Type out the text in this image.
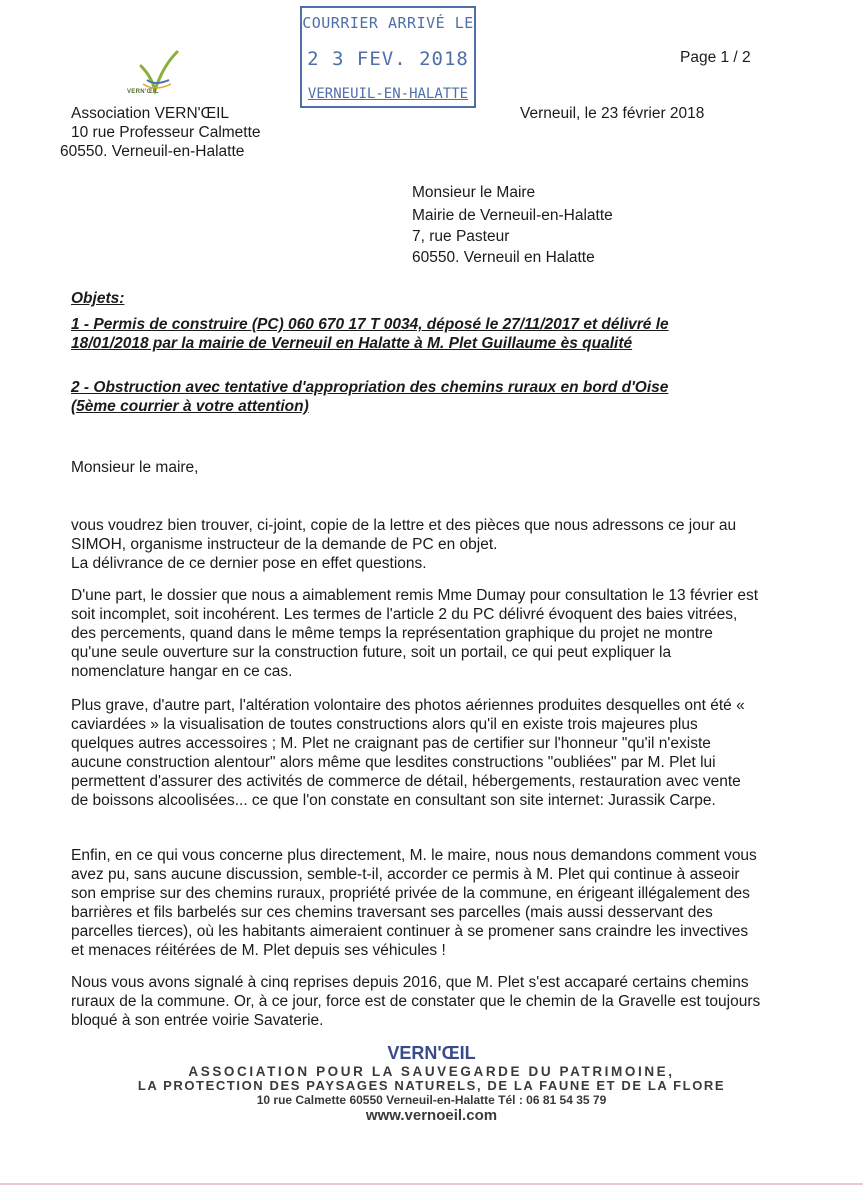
COURRIER ARRIVÉ LE
2 3 FEV. 2018
VERNEUIL-EN-HALATTE
VERN'ŒIL
Page 1 / 2
Association VERN'ŒIL
10 rue Professeur Calmette
60550. Verneuil-en-Halatte
Verneuil, le 23 février 2018
Monsieur le Maire
Mairie de Verneuil-en-Halatte
7, rue Pasteur
60550. Verneuil en Halatte
Objets:
1 - Permis de construire (PC) 060 670 17 T 0034, déposé le 27/11/2017 et délivré le
18/01/2018 par la mairie de Verneuil en Halatte à M. Plet Guillaume ès qualité
2 - Obstruction avec tentative d'appropriation des chemins ruraux en bord d'Oise
(5ème courrier à votre attention)
Monsieur le maire,
vous voudrez bien trouver, ci-joint, copie de la lettre et des pièces que nous adressons ce jour au SIMOH, organisme instructeur de la demande de PC en objet.
La délivrance de ce dernier pose en effet questions.
D'une part, le dossier que nous a aimablement remis Mme Dumay pour consultation le 13 février est soit incomplet, soit incohérent. Les termes de l'article 2 du PC délivré évoquent des baies vitrées, des percements, quand dans le même temps la représentation graphique du projet ne montre qu'une seule ouverture sur la construction future, soit un portail, ce qui peut expliquer la nomenclature hangar en ce cas.
Plus grave, d'autre part, l'altération volontaire des photos aériennes produites desquelles ont été « caviardées » la visualisation de toutes constructions alors qu'il en existe trois majeures plus quelques autres accessoires ; M. Plet ne craignant pas de certifier sur l'honneur "qu'il n'existe aucune construction alentour" alors même que lesdites constructions "oubliées" par M. Plet lui permettent d'assurer des activités de commerce de détail, hébergements, restauration avec vente de boissons alcoolisées... ce que l'on constate en consultant son site internet: Jurassik Carpe.
Enfin, en ce qui vous concerne plus directement, M. le maire, nous nous demandons comment vous avez pu, sans aucune discussion, semble-t-il, accorder ce permis à M. Plet qui continue à asseoir son emprise sur des chemins ruraux, propriété privée de la commune, en érigeant illégalement des barrières et fils barbelés sur ces chemins traversant ses parcelles (mais aussi desservant des parcelles tierces), où les habitants aimeraient continuer à se promener sans craindre les invectives et menaces réitérées de M. Plet depuis ses véhicules !
Nous vous avons signalé à cinq reprises depuis 2016, que M. Plet s'est accaparé certains chemins ruraux de la commune. Or, à ce jour, force est de constater que le chemin de la Gravelle est toujours bloqué à son entrée voirie Savaterie.
VERN'ŒIL
ASSOCIATION POUR LA SAUVEGARDE DU PATRIMOINE,
LA PROTECTION DES PAYSAGES NATURELS, DE LA FAUNE ET DE LA FLORE
10 rue Calmette 60550 Verneuil-en-Halatte Tél : 06 81 54 35 79
www.vernoeil.com
